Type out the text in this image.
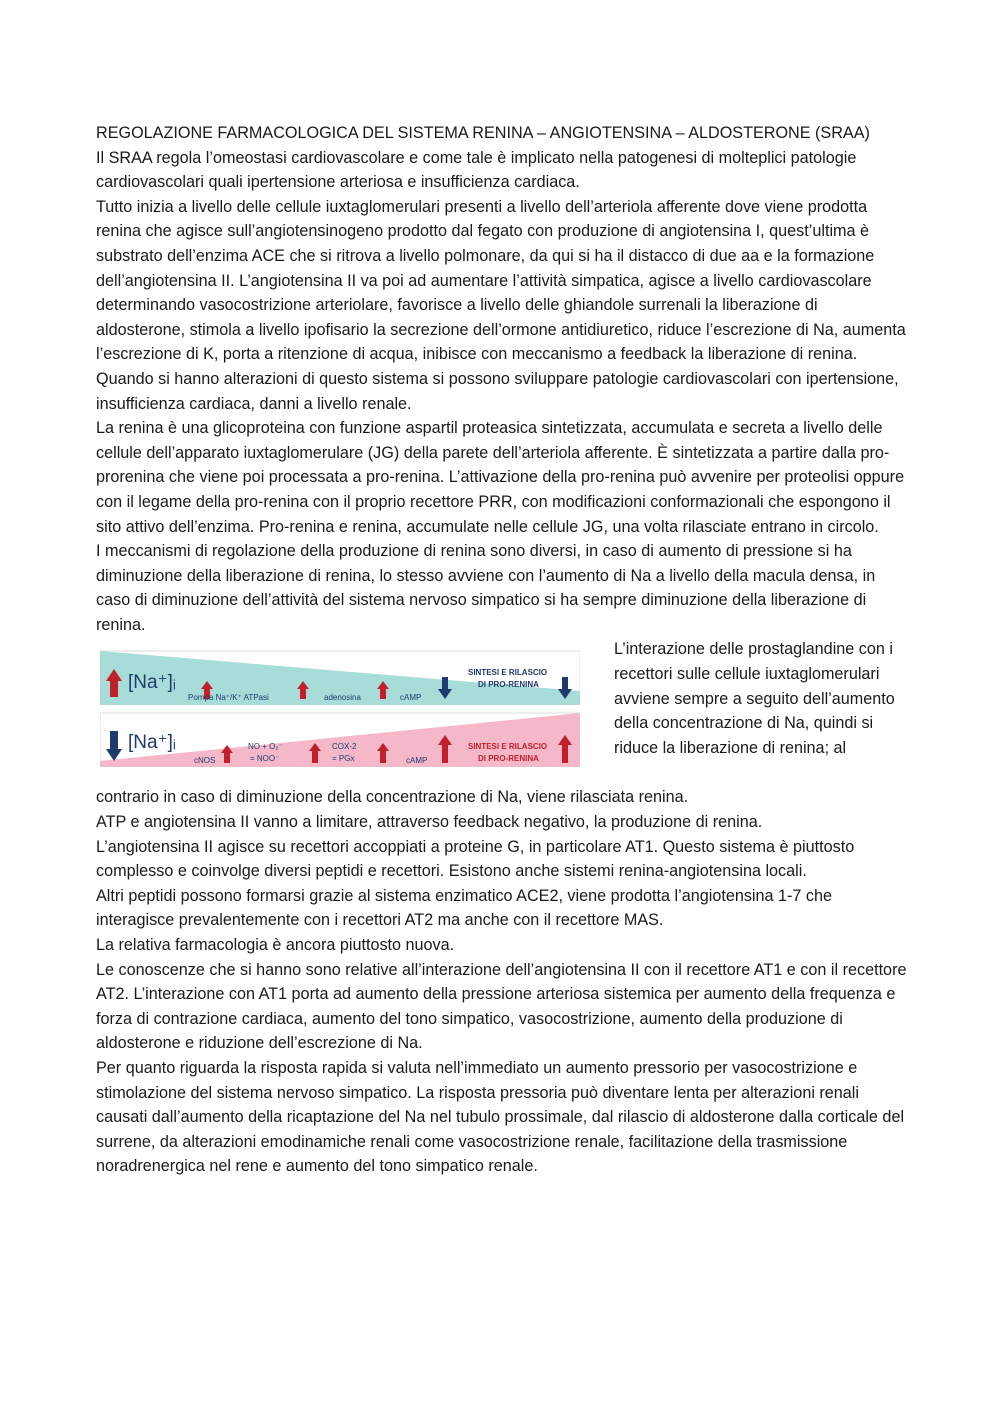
REGOLAZIONE FARMACOLOGICA DEL SISTEMA RENINA – ANGIOTENSINA – ALDOSTERONE (SRAA)

Il SRAA regola l’omeostasi cardiovascolare e come tale è implicato nella patogenesi di molteplici patologie cardiovascolari quali ipertensione arteriosa e insufficienza cardiaca.

Tutto inizia a livello delle cellule iuxtaglomerulari presenti a livello dell’arteriola afferente dove viene prodotta renina che agisce sull’angiotensinogeno prodotto dal fegato con produzione di angiotensina I, quest’ultima è substrato dell’enzima ACE che si ritrova a livello polmonare, da qui si ha il distacco di due aa e la formazione dell’angiotensina II. L’angiotensina II va poi ad aumentare l’attività simpatica, agisce a livello cardiovascolare determinando vasocostrizione arteriolare, favorisce a livello delle ghiandole surrenali la liberazione di aldosterone, stimola a livello ipofisario la secrezione dell’ormone antidiuretico, riduce l’escrezione di Na, aumenta l’escrezione di K, porta a ritenzione di acqua, inibisce con meccanismo a feedback la liberazione di renina.

Quando si hanno alterazioni di questo sistema si possono sviluppare patologie cardiovascolari con ipertensione, insufficienza cardiaca, danni a livello renale.

La renina è una glicoproteina con funzione aspartil proteasica sintetizzata, accumulata e secreta a livello delle cellule dell’apparato iuxtaglomerulare (JG) della parete dell’arteriola afferente. È sintetizzata a partire dalla pro-prorenina che viene poi processata a pro-renina. L’attivazione della pro-renina può avvenire per proteolisi oppure con il legame della pro-renina con il proprio recettore PRR, con modificazioni conformazionali che espongono il sito attivo dell’enzima. Pro-renina e renina, accumulate nelle cellule JG, una volta rilasciate entrano in circolo.

I meccanismi di regolazione della produzione di renina sono diversi, in caso di aumento di pressione si ha diminuzione della liberazione di renina, lo stesso avviene con l’aumento di Na a livello della macula densa, in caso di diminuzione dell’attività del sistema nervoso simpatico si ha sempre diminuzione della liberazione di renina.

[Na⁺]ᵢ
Pompa Na⁺/K⁺ ATPasi	adenosina	cAMP
SINTESI E RILASCIO
DI PRO-RENINA
[Na⁺]ᵢ
cNOS
NO + O₂⁻
= NOO⁻
COX-2
= PGx	cAMP
SINTESI E RILASCIO
DI PRO-RENINA

L’interazione delle prostaglandine con i recettori sulle cellule iuxtaglomerulari avviene sempre a seguito dell’aumento della concentrazione di Na, quindi si riduce la liberazione di renina; al

contrario in caso di diminuzione della concentrazione di Na, viene rilasciata renina.

ATP e angiotensina II vanno a limitare, attraverso feedback negativo, la produzione di renina.

L’angiotensina II agisce su recettori accoppiati a proteine G, in particolare AT1. Questo sistema è piuttosto complesso e coinvolge diversi peptidi e recettori. Esistono anche sistemi renina-angiotensina locali.

Altri peptidi possono formarsi grazie al sistema enzimatico ACE2, viene prodotta l’angiotensina 1-7 che interagisce prevalentemente con i recettori AT2 ma anche con il recettore MAS.

La relativa farmacologia è ancora piuttosto nuova.

Le conoscenze che si hanno sono relative all’interazione dell’angiotensina II con il recettore AT1 e con il recettore AT2. L’interazione con AT1 porta ad aumento della pressione arteriosa sistemica per aumento della frequenza e forza di contrazione cardiaca, aumento del tono simpatico, vasocostrizione, aumento della produzione di aldosterone e riduzione dell’escrezione di Na.

Per quanto riguarda la risposta rapida si valuta nell’immediato un aumento pressorio per vasocostrizione e stimolazione del sistema nervoso simpatico. La risposta pressoria può diventare lenta per alterazioni renali causati dall’aumento della ricaptazione del Na nel tubulo prossimale, dal rilascio di aldosterone dalla corticale del surrene, da alterazioni emodinamiche renali come vasocostrizione renale, facilitazione della trasmissione noradrenergica nel rene e aumento del tono simpatico renale.
